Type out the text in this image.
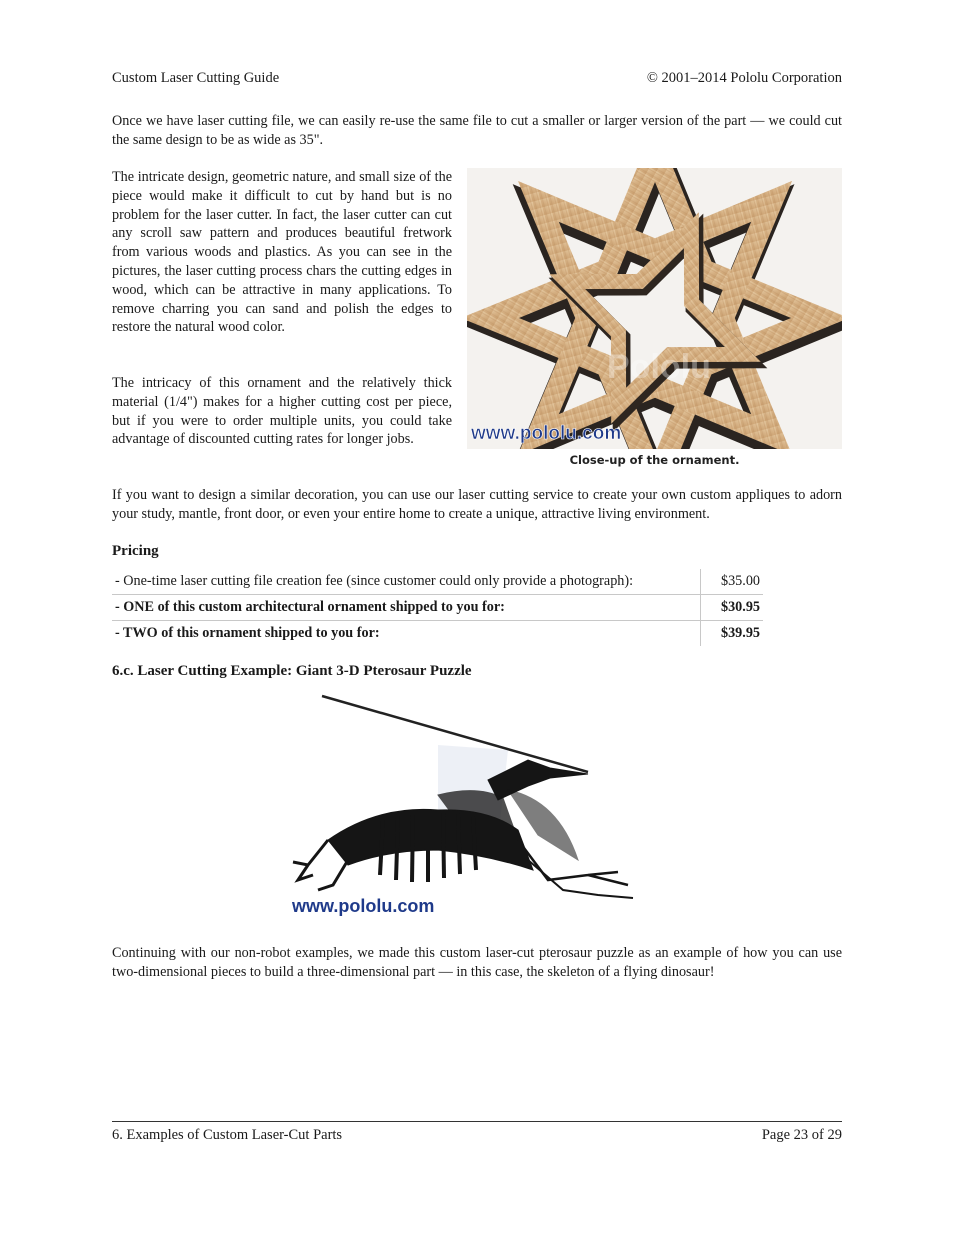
Custom Laser Cutting Guide	© 2001–2014 Pololu Corporation

Once we have laser cutting file, we can easily re-use the same file to cut a smaller or larger version of the part — we could cut the same design to be as wide as 35".

The intricate design, geometric nature, and small size of the piece would make it difficult to cut by hand but is no problem for the laser cutter. In fact, the laser cutter can cut any scroll saw pattern and produces beautiful fretwork from various woods and plastics. As you can see in the pictures, the laser cutting process chars the cutting edges in wood, which can be attractive in many applications. To remove charring you can sand and polish the edges to restore the natural wood color.

The intricacy of this ornament and the relatively thick material (1/4") makes for a higher cutting cost per piece, but if you were to order multiple units, you could take advantage of discounted cutting rates for longer jobs.

Pololu
www.pololu.com
Close-up of the ornament.

If you want to design a similar decoration, you can use our laser cutting service to create your own custom appliques to adorn your study, mantle, front door, or even your entire home to create a unique, attractive living environment.

Pricing
- One-time laser cutting file creation fee (since customer could only provide a photograph):	$35.00
- ONE of this custom architectural ornament shipped to you for:	$30.95
- TWO of this ornament shipped to you for:	$39.95
6.c. Laser Cutting Example: Giant 3-D Pterosaur Puzzle
www.pololu.com

Continuing with our non-robot examples, we made this custom laser-cut pterosaur puzzle as an example of how you can use two-dimensional pieces to build a three-dimensional part — in this case, the skeleton of a flying dinosaur!

6. Examples of Custom Laser-Cut Parts	Page 23 of 29
